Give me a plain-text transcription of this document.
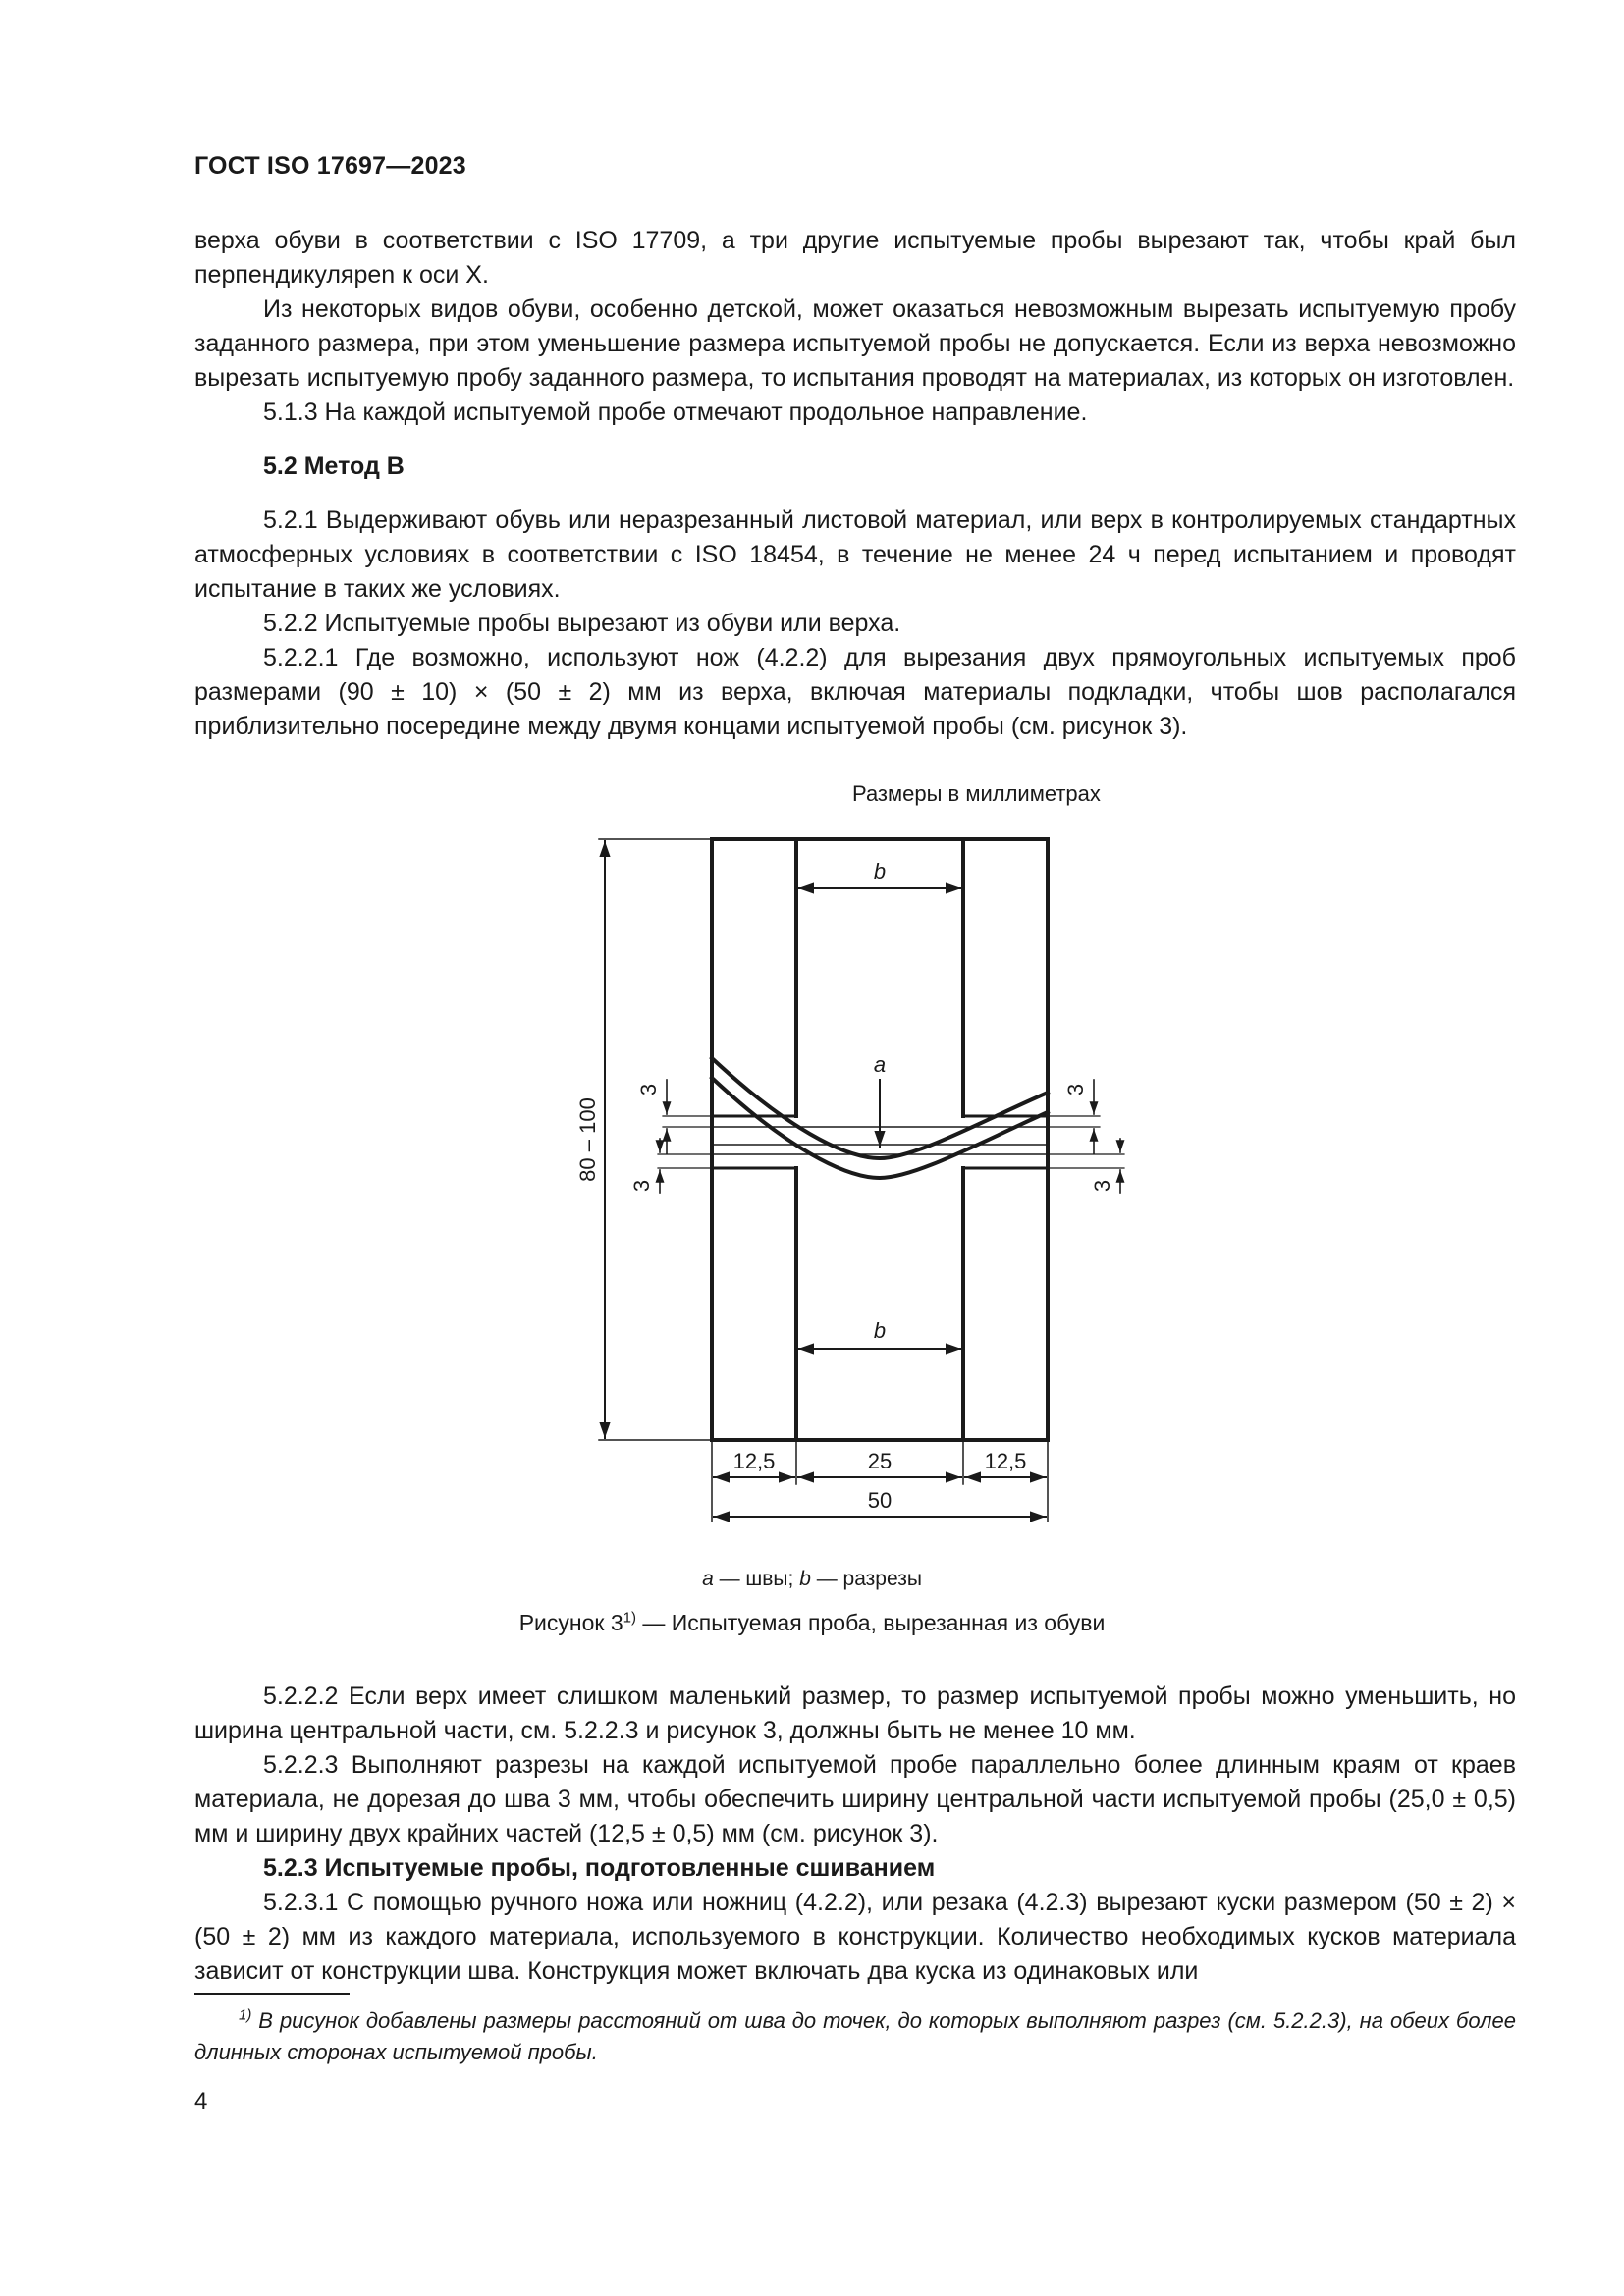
ГОСТ ISO 17697—2023

верха обуви в соответствии с ISO 17709, а три другие испытуемые пробы вырезают так, чтобы край был перпендикуляреn к оси X.

Из некоторых видов обуви, особенно детской, может оказаться невозможным вырезать испытуемую пробу заданного размера, при этом уменьшение размера испытуемой пробы не допускается. Если из верха невозможно вырезать испытуемую пробу заданного размера, то испытания проводят на материалах, из которых он изготовлен.

5.1.3 На каждой испытуемой пробе отмечают продольное направление.

5.2 Метод В

5.2.1 Выдерживают обувь или неразрезанный листовой материал, или верх в контролируемых стандартных атмосферных условиях в соответствии с ISO 18454, в течение не менее 24 ч перед испытанием и проводят испытание в таких же условиях.

5.2.2 Испытуемые пробы вырезают из обуви или верха.

5.2.2.1 Где возможно, используют нож (4.2.2) для вырезания двух прямоугольных испытуемых проб размерами (90 ± 10) × (50 ± 2) мм из верха, включая материалы подкладки, чтобы шов располагался приблизительно посередине между двумя концами испытуемой пробы (см. рисунок 3).

Размеры в миллиметрах
b
b
a
12,5	25	12,5
50
80 – 100
3
3
3
3
a — швы; b — разрезы
Рисунок 3$^{1)}$ — Испытуемая проба, вырезанная из обуви

5.2.2.2 Если верх имеет слишком маленький размер, то размер испытуемой пробы можно уменьшить, но ширина центральной части, см. 5.2.2.3 и рисунок 3, должны быть не менее 10 мм.

5.2.2.3 Выполняют разрезы на каждой испытуемой пробе параллельно более длинным краям от краев материала, не дорезая до шва 3 мм, чтобы обеспечить ширину центральной части испытуемой пробы (25,0 ± 0,5) мм и ширину двух крайних частей (12,5 ± 0,5) мм (см. рисунок 3).

5.2.3 Испытуемые пробы, подготовленные сшиванием

5.2.3.1 С помощью ручного ножа или ножниц (4.2.2), или резака (4.2.3) вырезают куски размером (50 ± 2) × (50 ± 2) мм из каждого материала, используемого в конструкции. Количество необходимых кусков материала зависит от конструкции шва. Конструкция может включать два куска из одинаковых или

$^{1)}$ В рисунок добавлены размеры расстояний от шва до точек, до которых выполняют разрез (см. 5.2.2.3), на обеих более длинных сторонах испытуемой пробы.

4
